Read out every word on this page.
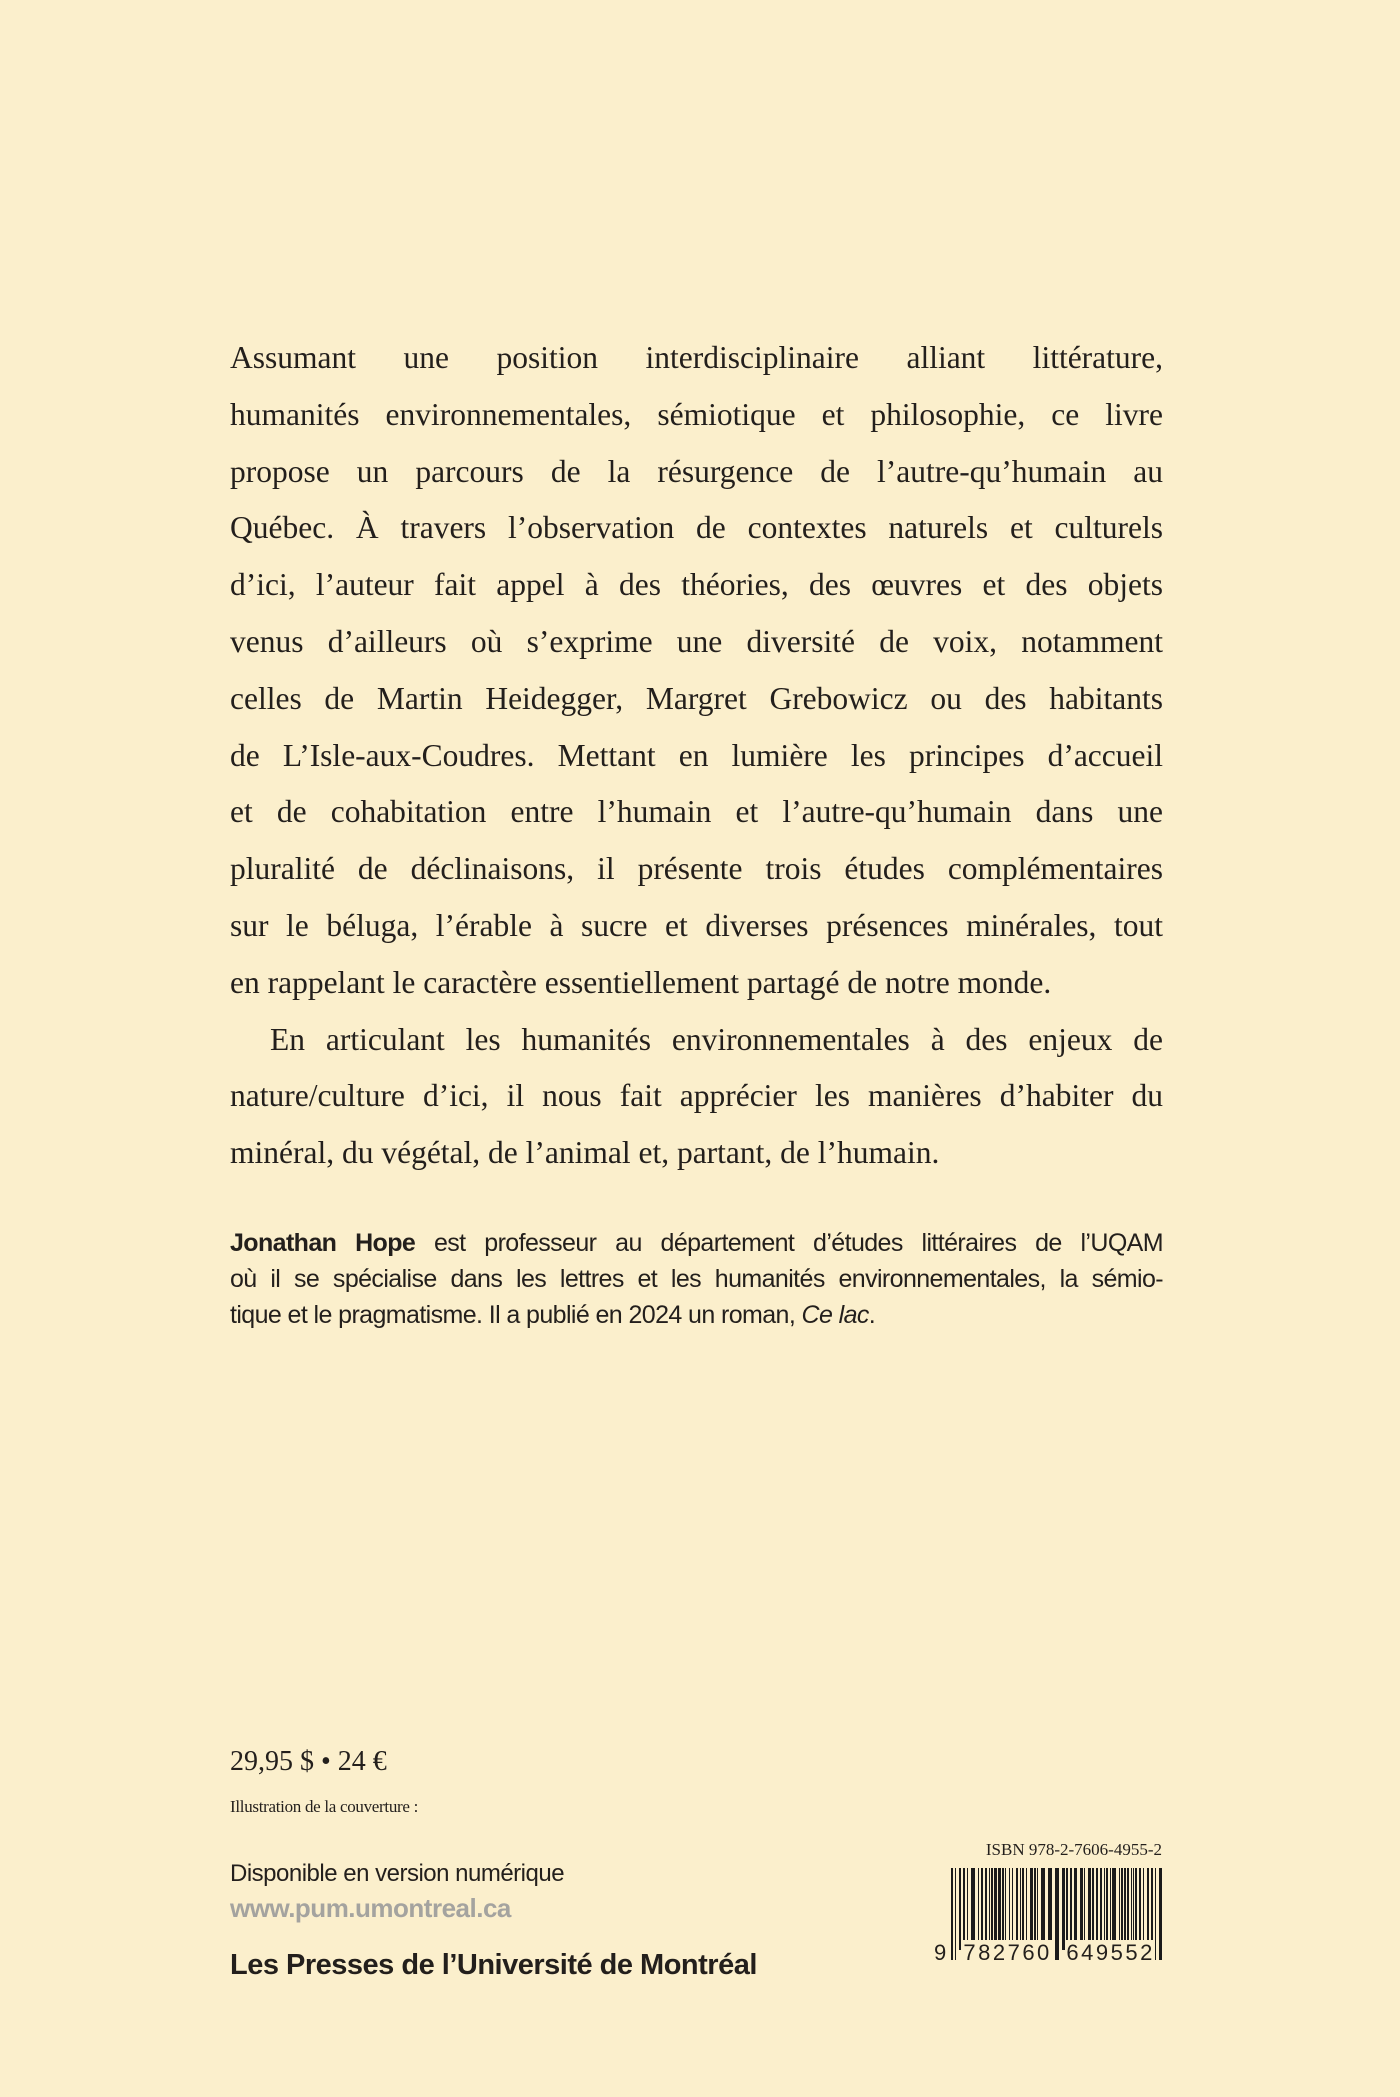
Assumant une position interdisciplinaire alliant littérature,
humanités environnementales, sémiotique et philosophie, ce livre
propose un parcours de la résurgence de l’autre-qu’humain au
Québec. À travers l’observation de contextes naturels et culturels
d’ici, l’auteur fait appel à des théories, des œuvres et des objets
venus d’ailleurs où s’exprime une diversité de voix, notamment
celles de Martin Heidegger, Margret Grebowicz ou des habitants
de L’Isle-aux-Coudres. Mettant en lumière les principes d’accueil
et de cohabitation entre l’humain et l’autre-qu’humain dans une
pluralité de déclinaisons, il présente trois études complémentaires
sur le béluga, l’érable à sucre et diverses présences minérales, tout
en rappelant le caractère essentiellement partagé de notre monde.
En articulant les humanités environnementales à des enjeux de
nature/culture d’ici, il nous fait apprécier les manières d’habiter du
minéral, du végétal, de l’animal et, partant, de l’humain.
Jonathan Hope est professeur au département d’études littéraires de l’UQAM
où il se spécialise dans les lettres et les humanités environnementales, la sémio-
tique et le pragmatisme. Il a publié en 2024 un roman, Ce lac.
29,95 $ • 24 €
Illustration de la couverture :
Disponible en version numérique
www.pum.umontreal.ca
Les Presses de l’Université de Montréal
ISBN 978-2-7606-4955-2
9 782760 649552
